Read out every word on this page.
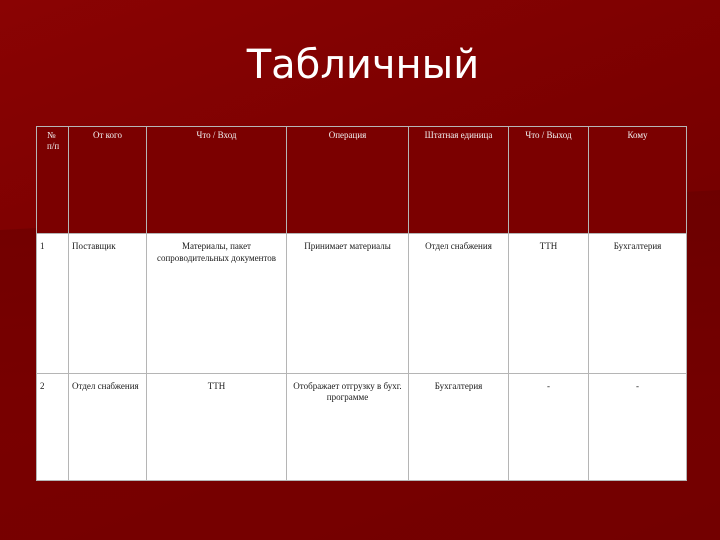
Табличный
№ п/п	От кого	Что / Вход	Операция	Штатная единица	Что / Выход	Кому
1	Поставщик	Материалы, пакет сопроводительных документов	Принимает материалы	Отдел снабжения	ТТН	Бухгалтерия
2	Отдел снабжения	ТТН	Отображает отгрузку в бухг. программе	Бухгалтерия	-	-
